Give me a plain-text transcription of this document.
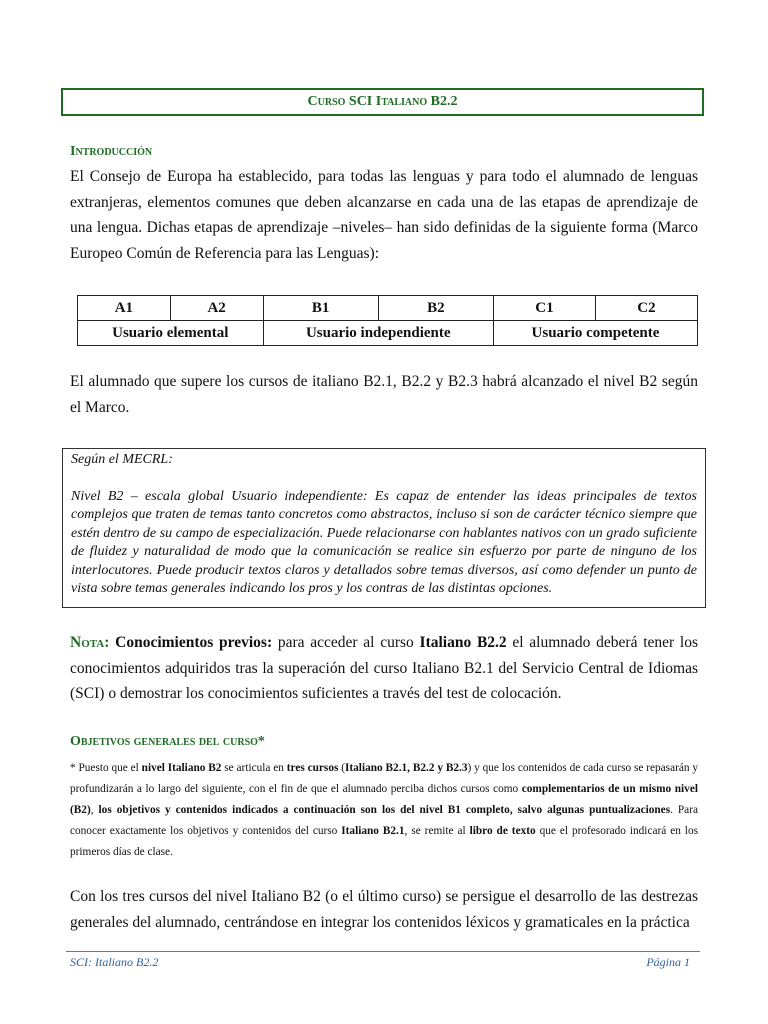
Curso SCI Italiano B2.2
Introducción
El Consejo de Europa ha establecido, para todas las lenguas y para todo el alumnado de lenguas extranjeras, elementos comunes que deben alcanzarse en cada una de las etapas de aprendizaje de una lengua. Dichas etapas de aprendizaje –niveles– han sido definidas de la siguiente forma (Marco Europeo Común de Referencia para las Lenguas):
A1	A2	B1	B2	C1	C2
Usuario elemental		Usuario independiente		Usuario competente	
El alumnado que supere los cursos de italiano B2.1, B2.2 y B2.3 habrá alcanzado el nivel B2 según el Marco.

Según el MECRL:

Nivel B2 – escala global Usuario independiente: Es capaz de entender las ideas principales de textos complejos que traten de temas tanto concretos como abstractos, incluso si son de carácter técnico siempre que estén dentro de su campo de especialización. Puede relacionarse con hablantes nativos con un grado suficiente de fluidez y naturalidad de modo que la comunicación se realice sin esfuerzo por parte de ninguno de los interlocutores. Puede producir textos claros y detallados sobre temas diversos, así como defender un punto de vista sobre temas generales indicando los pros y los contras de las distintas opciones.

Nota: Conocimientos previos: para acceder al curso Italiano B2.2 el alumnado deberá tener los conocimientos adquiridos tras la superación del curso Italiano B2.1 del Servicio Central de Idiomas (SCI) o demostrar los conocimientos suficientes a través del test de colocación.
Objetivos generales del curso*
* Puesto que el nivel Italiano B2 se articula en tres cursos (Italiano B2.1, B2.2 y B2.3) y que los contenidos de cada curso se repasarán y profundizarán a lo largo del siguiente, con el fin de que el alumnado perciba dichos cursos como complementarios de un mismo nivel (B2), los objetivos y contenidos indicados a continuación son los del nivel B1 completo, salvo algunas puntualizaciones. Para conocer exactamente los objetivos y contenidos del curso Italiano B2.1, se remite al libro de texto que el profesorado indicará en los primeros días de clase.
Con los tres cursos del nivel Italiano B2 (o el último curso) se persigue el desarrollo de las destrezas generales del alumnado, centrándose en integrar los contenidos léxicos y gramaticales en la práctica
SCI: Italiano B2.2	Página 1
